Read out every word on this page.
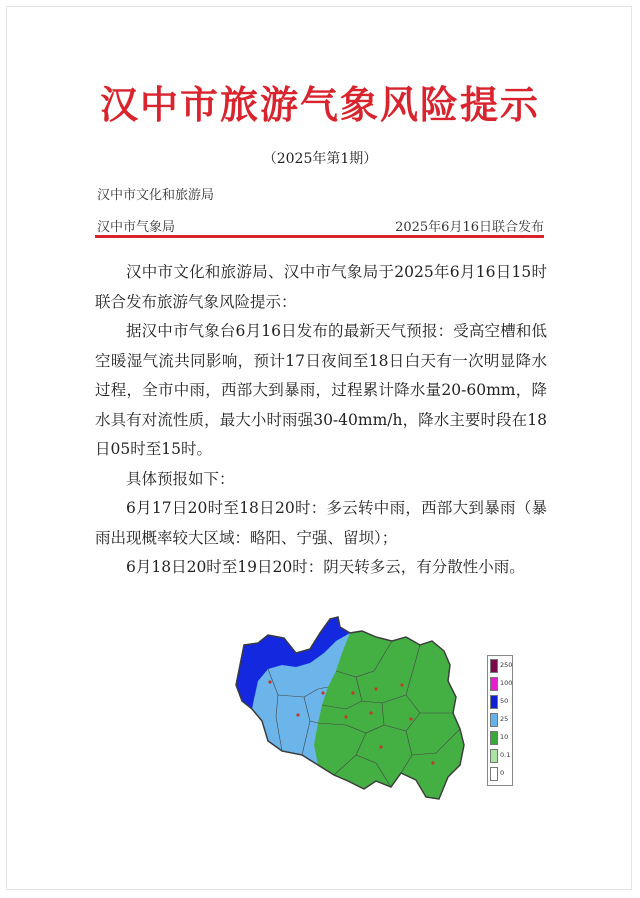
汉中市旅游气象风险提示
（2025年第1期）
汉中市文化和旅游局
汉中市气象局	2025年6月16日联合发布

汉中市文化和旅游局、汉中市气象局于2025年6月16日15时联合发布旅游气象风险提示：

据汉中市气象台6月16日发布的最新天气预报：受高空槽和低空暖湿气流共同影响，预计17日夜间至18日白天有一次明显降水过程，全市中雨，西部大到暴雨，过程累计降水量20-60mm，降水具有对流性质，最大小时雨强30-40mm/h，降水主要时段在18日05时至15时。

具体预报如下：

6月17日20时至18日20时：多云转中雨，西部大到暴雨（暴雨出现概率较大区域：略阳、宁强、留坝）；

6月18日20时至19日20时：阴天转多云，有分散性小雨。

250
100
50
25
10
0.1
0
